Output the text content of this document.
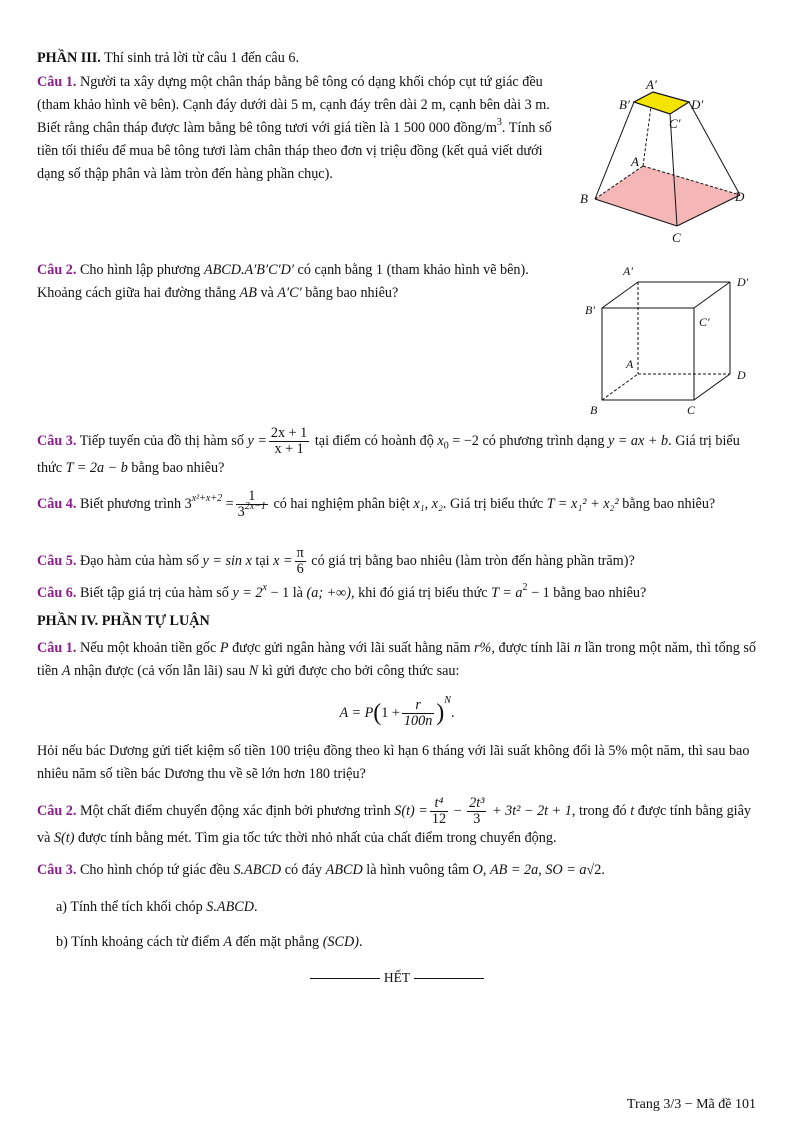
PHẦN III. Thí sinh trả lời từ câu 1 đến câu 6.
Câu 1. Người ta xây dựng một chân tháp bằng bê tông có dạng khối chóp cụt tứ giác đều (tham khảo hình vẽ bên). Cạnh đáy dưới dài 5 m, cạnh đáy trên dài 2 m, cạnh bên dài 3 m. Biết rằng chân tháp được làm bằng bê tông tươi với giá tiền là 1 500 000 đồng/$m^3$. Tính số tiền tối thiểu để mua bê tông tươi làm chân tháp theo đơn vị triệu đồng (kết quả viết dưới dạng số thập phân và làm tròn đến hàng phần chục).
A′
B′
C′
D′
A
B
C
D
Câu 2. Cho hình lập phương ABCD.A′B′C′D′ có cạnh bằng 1 (tham khảo hình vẽ bên). Khoảng cách giữa hai đường thẳng AB và A′C′ bằng bao nhiêu?
A′
D′
B′
C′
A
D
B	C
Câu 3. Tiếp tuyến của đồ thị hàm số $y = \frac{2x + 1}{x + 1}$ tại điểm có hoành độ $x_0 = -2$ có phương trình dạng y = ax + b. Giá trị biểu thức T = 2a − b bằng bao nhiêu?
Câu 4. Biết phương trình $3^{x^2+x+2} = \frac{1}{3^{2x-1}}$ có hai nghiệm phân biệt x₁, x₂. Giá trị biểu thức T = x₁² + x₂² bằng bao nhiêu?
Câu 5. Đạo hàm của hàm số y = sin x tại $x = \frac{\pi}{6}$ có giá trị bằng bao nhiêu (làm tròn đến hàng phần trăm)?
Câu 6. Biết tập giá trị của hàm số $y = 2^x - 1$ là (a; +∞), khi đó giá trị biểu thức $T = a^2 - 1$ bằng bao nhiêu?
PHẦN IV. PHẦN TỰ LUẬN
Câu 1. Nếu một khoản tiền gốc P được gửi ngân hàng với lãi suất hằng năm r%, được tính lãi n lần trong một năm, thì tổng số tiền A nhận được (cả vốn lẫn lãi) sau N kì gửi được cho bởi công thức sau:
$A = P(1 + \frac{r}{100n} )^N$.
Hỏi nếu bác Dương gửi tiết kiệm số tiền 100 triệu đồng theo kì hạn 6 tháng với lãi suất không đổi là 5% một năm, thì sau bao nhiêu năm số tiền bác Dương thu về sẽ lớn hơn 180 triệu?
Câu 2. Một chất điểm chuyển động xác định bởi phương trình $S(t) = \frac{\text{t⁴}}{12} - \frac{\text{2t³}}{3} + 3t^2 - 2t + 1$, trong đó t được tính bằng giây và S(t) được tính bằng mét. Tìm gia tốc tức thời nhỏ nhất của chất điểm trong chuyển động.
Câu 3. Cho hình chóp tứ giác đều S.ABCD có đáy ABCD là hình vuông tâm O, AB = 2a, SO = a√2.
a) Tính thể tích khối chóp S.ABCD.
b) Tính khoảng cách từ điểm A đến mặt phẳng (SCD).
HẾT
Trang 3/3 − Mã đề 101
